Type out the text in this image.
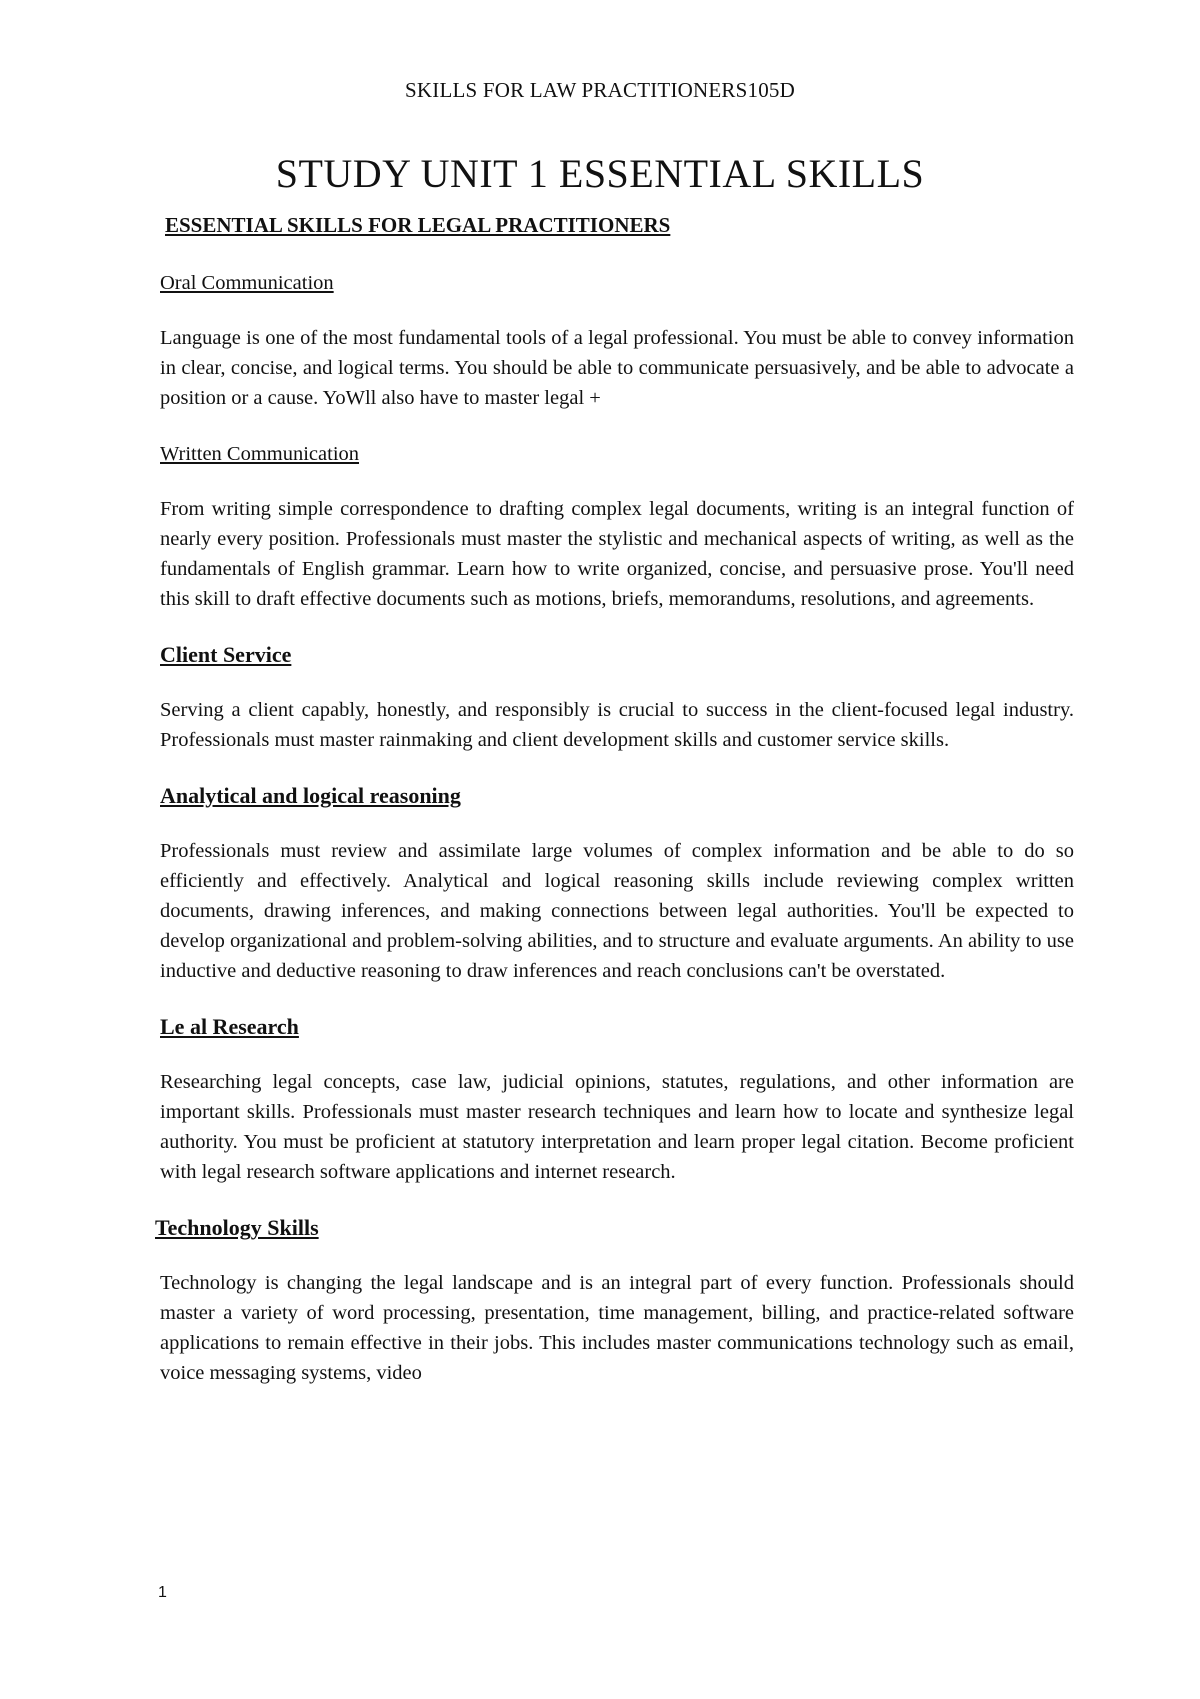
SKILLS FOR LAW PRACTITIONERS105D
STUDY UNIT 1 ESSENTIAL SKILLS
ESSENTIAL SKILLS FOR LEGAL PRACTITIONERS
Oral Communication

Language is one of the most fundamental tools of a legal professional. You must be able to convey information in clear, concise, and logical terms. You should be able to communicate persuasively, and be able to advocate a position or a cause. YoWll also have to master legal +

Written Communication

From writing simple correspondence to drafting complex legal documents, writing is an integral function of nearly every position. Professionals must master the stylistic and mechanical aspects of writing, as well as the fundamentals of English grammar. Learn how to write organized, concise, and persuasive prose. You'll need this skill to draft effective documents such as motions, briefs, memorandums, resolutions, and agreements.

Client Service

Serving a client capably, honestly, and responsibly is crucial to success in the client-focused legal industry. Professionals must master rainmaking and client development skills and customer service skills.

Analytical and logical reasoning

Professionals must review and assimilate large volumes of complex information and be able to do so efficiently and effectively. Analytical and logical reasoning skills include reviewing complex written documents, drawing inferences, and making connections between legal authorities. You'll be expected to develop organizational and problem-solving abilities, and to structure and evaluate arguments. An ability to use inductive and deductive reasoning to draw inferences and reach conclusions can't be overstated.

Le al Research

Researching legal concepts, case law, judicial opinions, statutes, regulations, and other information are important skills. Professionals must master research techniques and learn how to locate and synthesize legal authority. You must be proficient at statutory interpretation and learn proper legal citation. Become proficient with legal research software applications and internet research.

Technology Skills

Technology is changing the legal landscape and is an integral part of every function. Professionals should master a variety of word processing, presentation, time management, billing, and practice-related software applications to remain effective in their jobs. This includes master communications technology such as email, voice messaging systems, video

1
